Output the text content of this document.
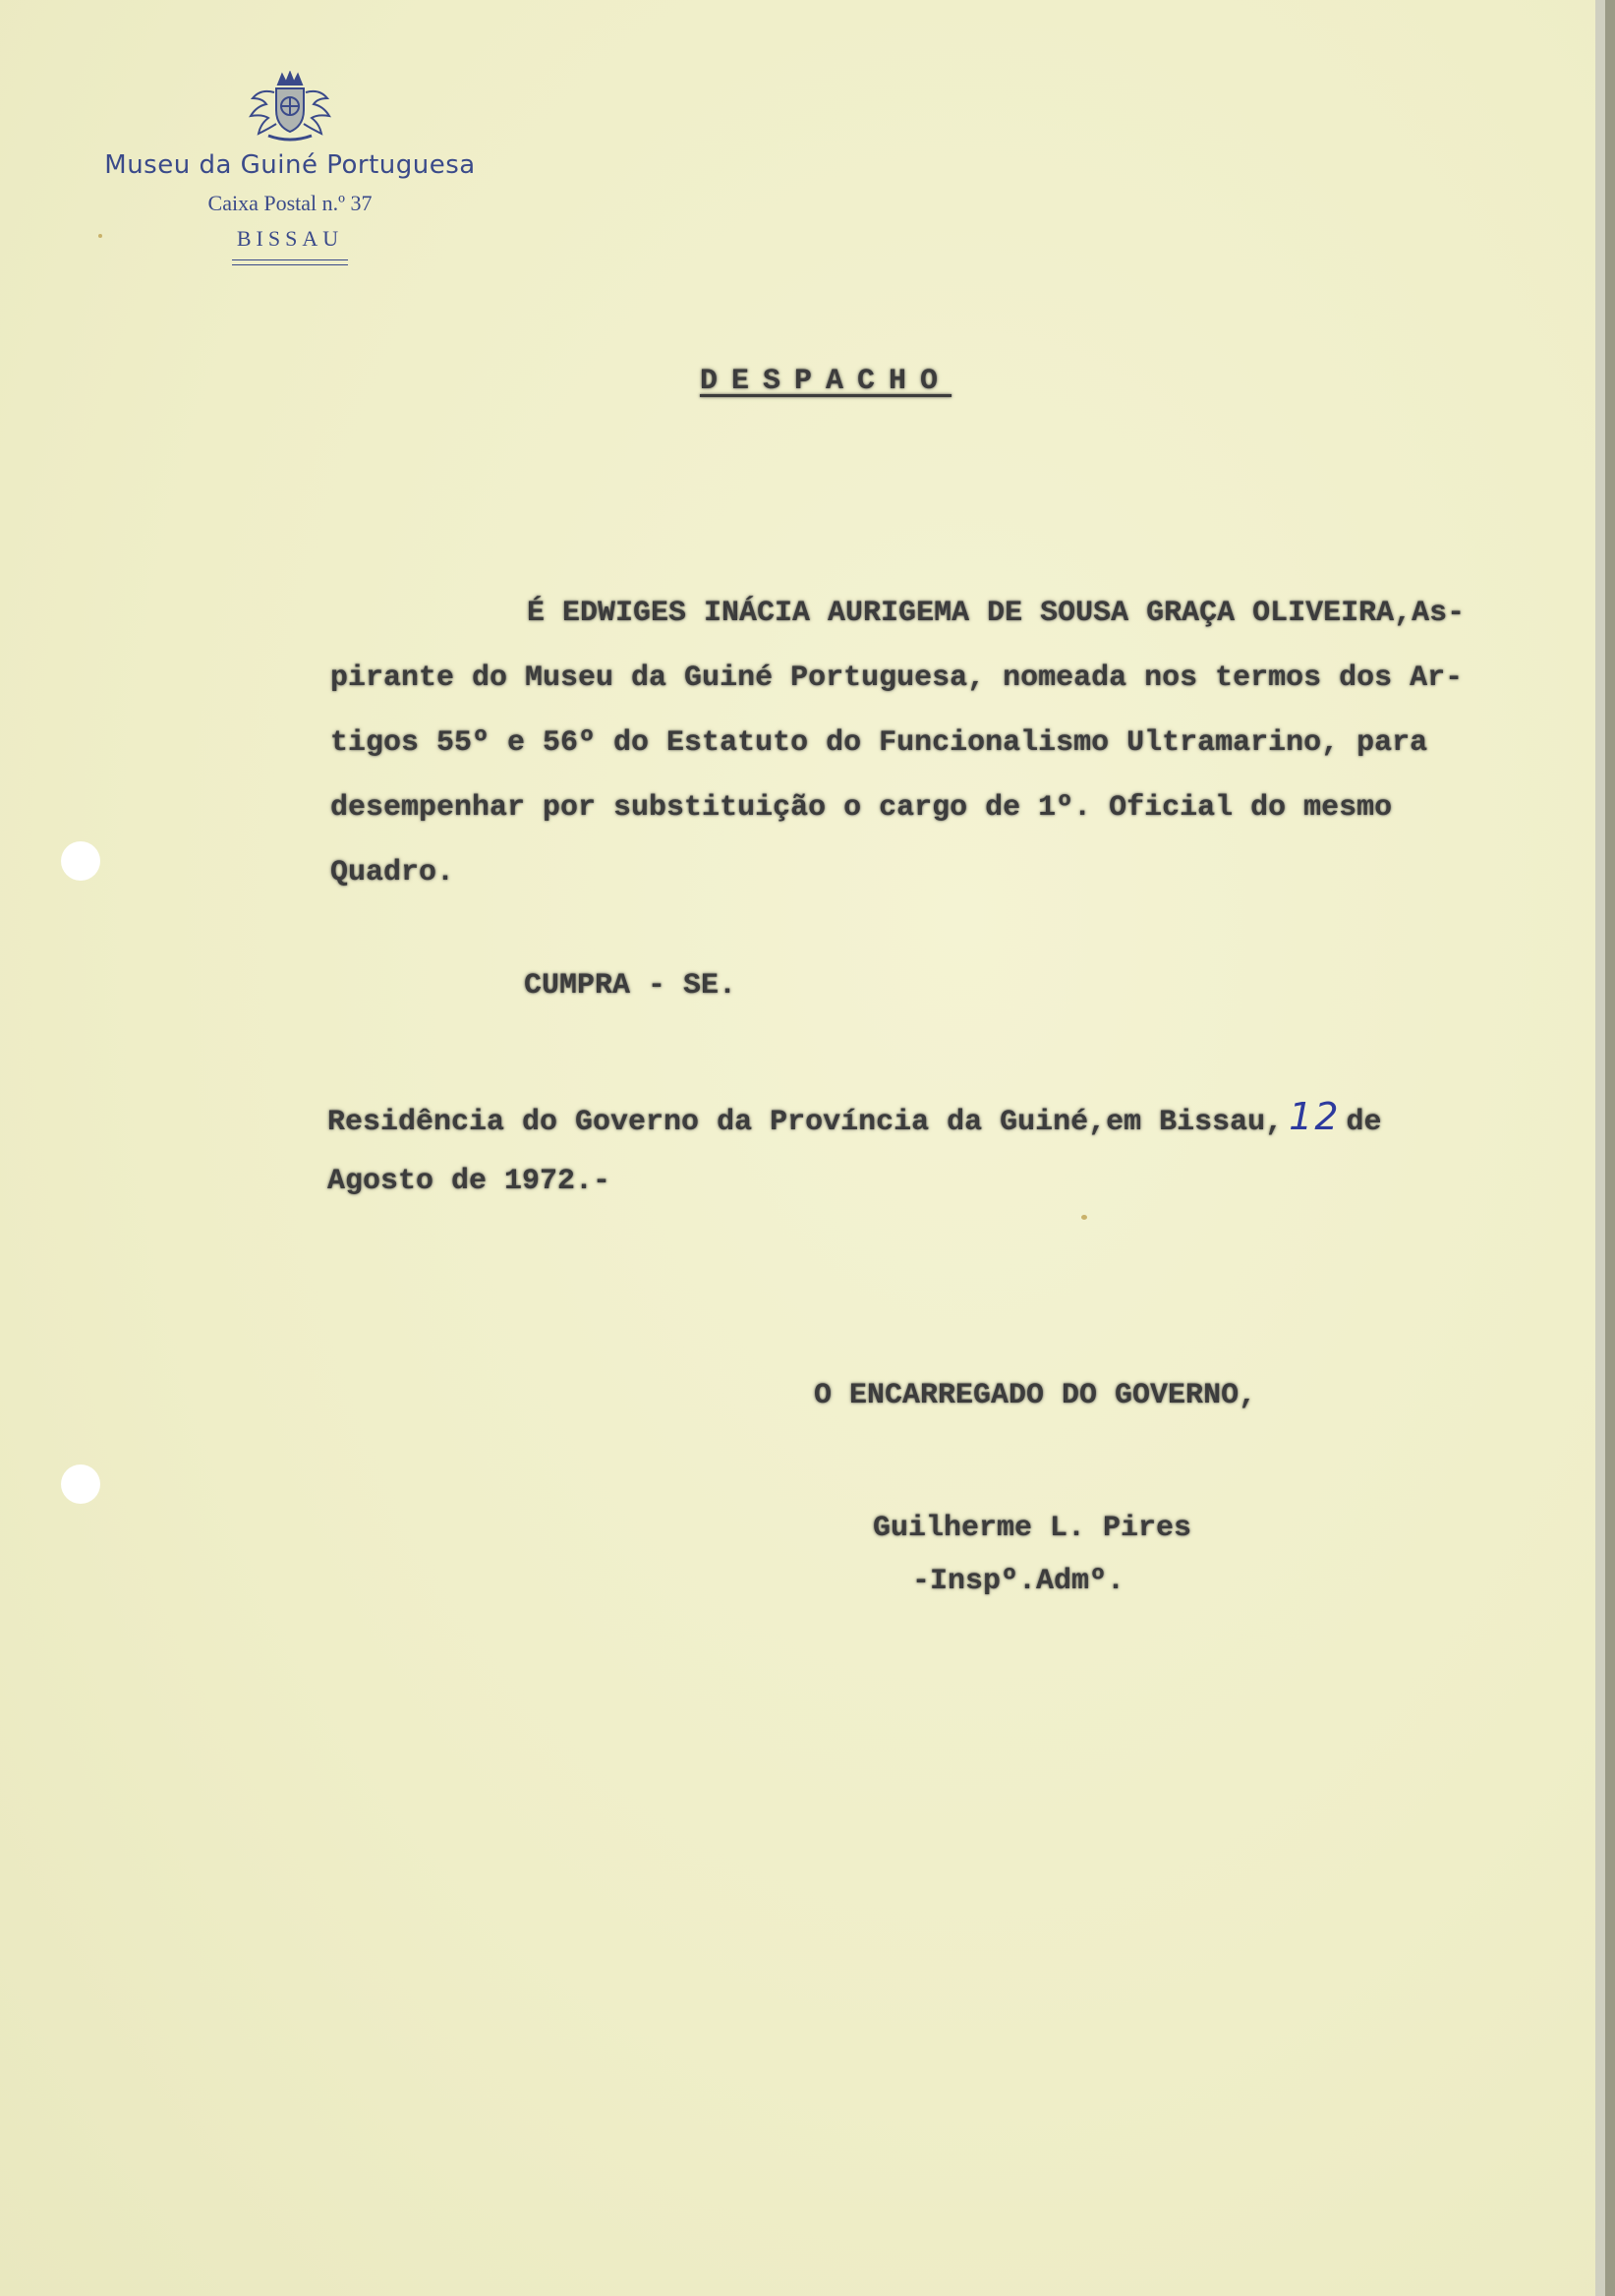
Museu da Guiné Portuguesa
Caixa Postal n.º 37
BISSAU
DESPACHO
É EDWIGES INÁCIA AURIGEMA DE SOUSA GRAÇA OLIVEIRA,As-
pirante do Museu da Guiné Portuguesa, nomeada nos termos dos Ar-
tigos 55º e 56º do Estatuto do Funcionalismo Ultramarino, para
desempenhar por substituição o cargo de 1º. Oficial do mesmo
Quadro.
CUMPRA - SE.
Residência do Governo da Província da Guiné,em Bissau, 12 de
Agosto de 1972.-
O ENCARREGADO DO GOVERNO,
Guilherme L. Pires
-Inspº.Admº.
